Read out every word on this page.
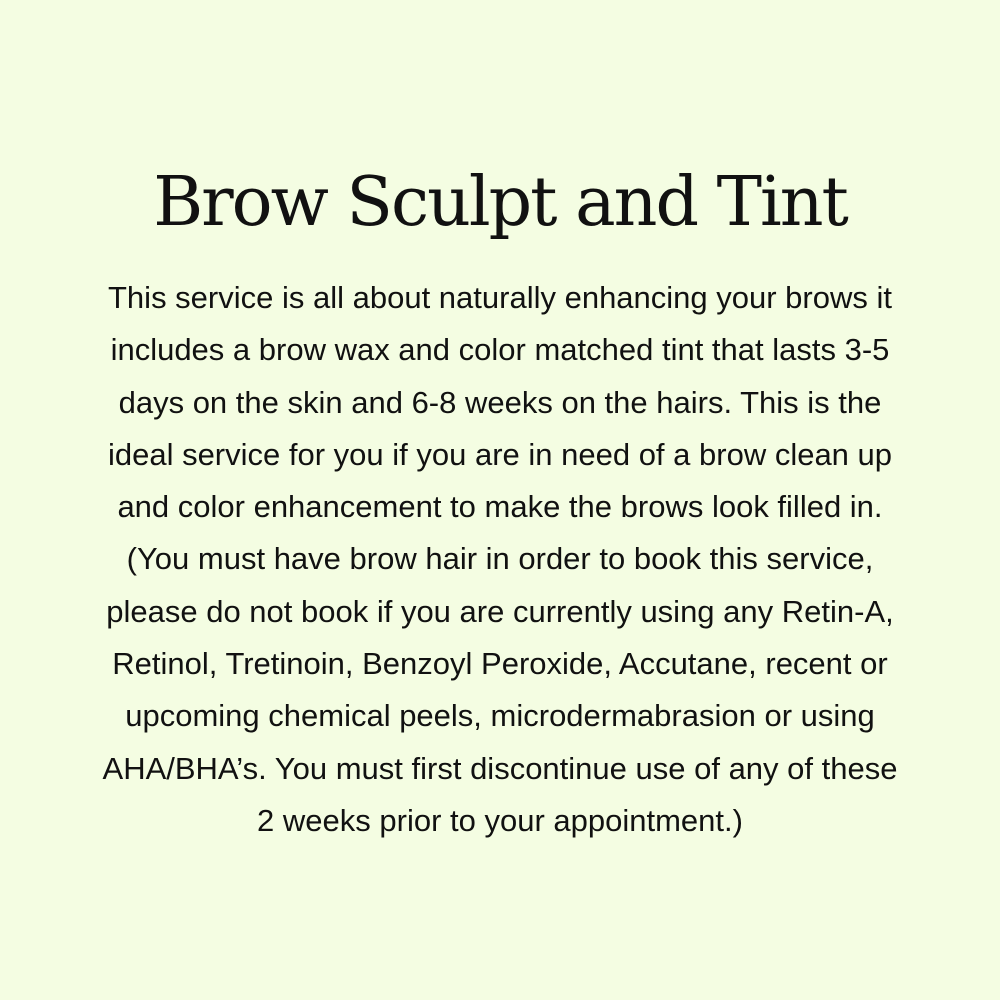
Brow Sculpt and Tint
This service is all about naturally enhancing your brows it
includes a brow wax and color matched tint that lasts 3-5
days on the skin and 6-8 weeks on the hairs. This is the
ideal service for you if you are in need of a brow clean up
and color enhancement to make the brows look filled in.
(You must have brow hair in order to book this service,
please do not book if you are currently using any Retin-A,
Retinol, Tretinoin, Benzoyl Peroxide, Accutane, recent or
upcoming chemical peels, microdermabrasion or using
AHA/BHA’s. You must first discontinue use of any of these
2 weeks prior to your appointment.)
